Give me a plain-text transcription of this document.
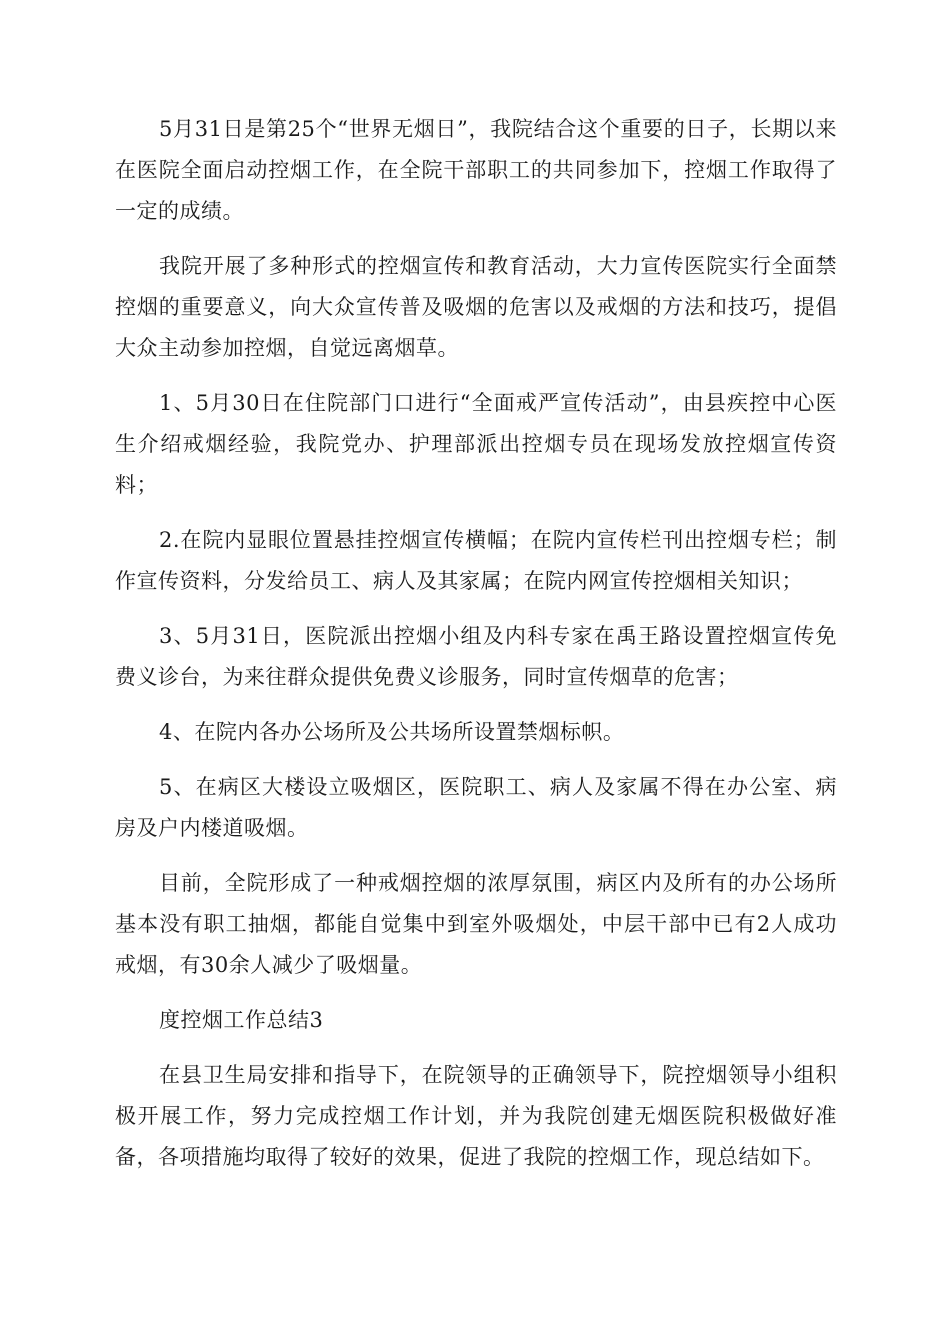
5月31日是第25个“世界无烟日”，我院结合这个重要的日子，长期以来在医院全面启动控烟工作，在全院干部职工的共同参加下，控烟工作取得了一定的成绩。

我院开展了多种形式的控烟宣传和教育活动，大力宣传医院实行全面禁控烟的重要意义，向大众宣传普及吸烟的危害以及戒烟的方法和技巧，提倡大众主动参加控烟，自觉远离烟草。

1、5月30日在住院部门口进行“全面戒严宣传活动”，由县疾控中心医生介绍戒烟经验，我院党办、护理部派出控烟专员在现场发放控烟宣传资料；

2.在院内显眼位置悬挂控烟宣传横幅；在院内宣传栏刊出控烟专栏；制作宣传资料，分发给员工、病人及其家属；在院内网宣传控烟相关知识；

3、5月31日，医院派出控烟小组及内科专家在禹王路设置控烟宣传免费义诊台，为来往群众提供免费义诊服务，同时宣传烟草的危害；

4、在院内各办公场所及公共场所设置禁烟标帜。

5、在病区大楼设立吸烟区，医院职工、病人及家属不得在办公室、病房及户内楼道吸烟。

目前，全院形成了一种戒烟控烟的浓厚氛围，病区内及所有的办公场所基本没有职工抽烟，都能自觉集中到室外吸烟处，中层干部中已有2人成功戒烟，有30余人减少了吸烟量。

度控烟工作总结3

在县卫生局安排和指导下，在院领导的正确领导下，院控烟领导小组积极开展工作，努力完成控烟工作计划，并为我院创建无烟医院积极做好准备，各项措施均取得了较好的效果，促进了我院的控烟工作，现总结如下。
